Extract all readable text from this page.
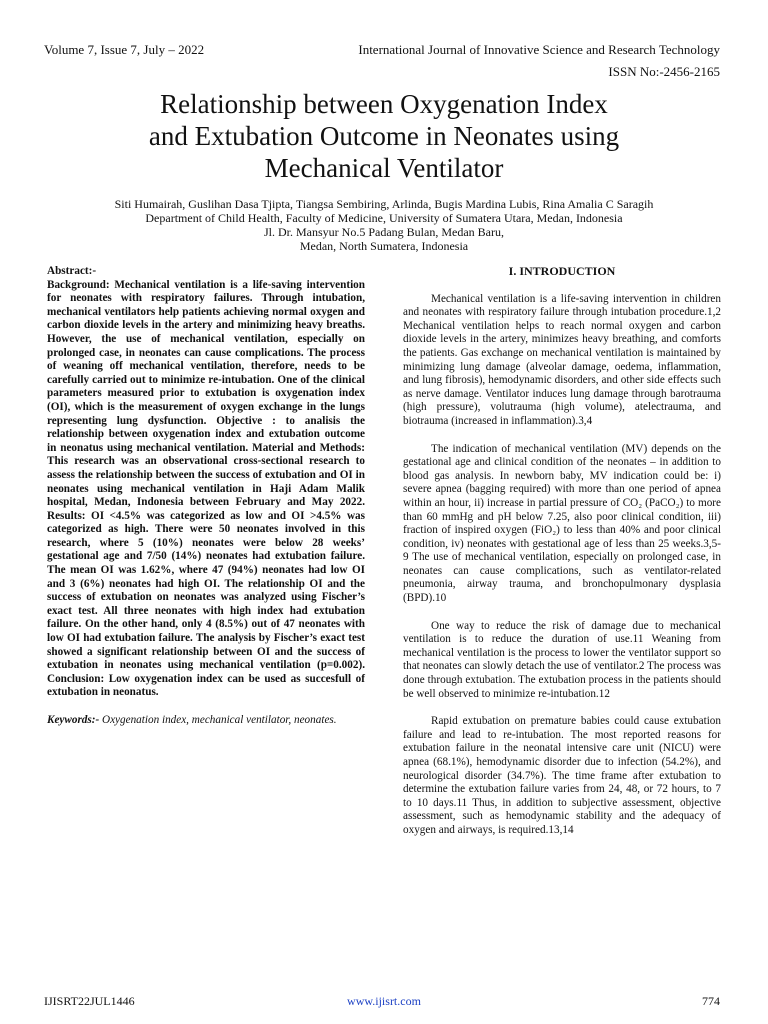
Volume 7, Issue 7, July – 2022	International Journal of Innovative Science and Research Technology
ISSN No:-2456-2165
Relationship between Oxygenation Index
and Extubation Outcome in Neonates using
Mechanical Ventilator
Siti Humairah, Guslihan Dasa Tjipta, Tiangsa Sembiring, Arlinda, Bugis Mardina Lubis, Rina Amalia C Saragih
Department of Child Health, Faculty of Medicine, University of Sumatera Utara, Medan, Indonesia
Jl. Dr. Mansyur No.5 Padang Bulan, Medan Baru,
Medan, North Sumatera, Indonesia
Abstract:-
Background: Mechanical ventilation is a life-saving intervention for neonates with respiratory failures. Through intubation, mechanical ventilators help patients achieving normal oxygen and carbon dioxide levels in the artery and minimizing heavy breaths. However, the use of mechanical ventilation, especially on prolonged case, in neonates can cause complications. The process of weaning off mechanical ventilation, therefore, needs to be carefully carried out to minimize re-intubation. One of the clinical parameters measured prior to extubation is oxygenation index (OI), which is the measurement of oxygen exchange in the lungs representing lung dysfunction. Objective : to analisis the relationship between oxygenation index and extubation outcome in neonatus using mechanical ventilation. Material and Methods: This research was an observational cross-sectional research to assess the relationship between the success of extubation and OI in neonates using mechanical ventilation in Haji Adam Malik hospital, Medan, Indonesia between February and May 2022. Results: OI <4.5% was categorized as low and OI >4.5% was categorized as high. There were 50 neonates involved in this research, where 5 (10%) neonates were below 28 weeks’ gestational age and 7/50 (14%) neonates had extubation failure. The mean OI was 1.62%, where 47 (94%) neonates had low OI and 3 (6%) neonates had high OI. The relationship OI and the success of extubation on neonates was analyzed using Fischer’s exact test. All three neonates with high index had extubation failure. On the other hand, only 4 (8.5%) out of 47 neonates with low OI had extubation failure. The analysis by Fischer’s exact test showed a significant relationship between OI and the success of extubation in neonates using mechanical ventilation (p=0.002). Conclusion: Low oxygenation index can be used as succesfull of extubation in neonatus.
Keywords:- Oxygenation index, mechanical ventilator, neonates.
I. INTRODUCTION

Mechanical ventilation is a life-saving intervention in children and neonates with respiratory failure through intubation procedure.1,2 Mechanical ventilation helps to reach normal oxygen and carbon dioxide levels in the artery, minimizes heavy breathing, and comforts the patients. Gas exchange on mechanical ventilation is maintained by minimizing lung damage (alveolar damage, oedema, inflammation, and lung fibrosis), hemodynamic disorders, and other side effects such as nerve damage. Ventilator induces lung damage through barotrauma (high pressure), volutrauma (high volume), atelectrauma, and biotrauma (increased in inflammation).3,4

The indication of mechanical ventilation (MV) depends on the gestational age and clinical condition of the neonates – in addition to blood gas analysis. In newborn baby, MV indication could be: i) severe apnea (bagging required) with more than one period of apnea within an hour, ii) increase in partial pressure of CO₂ (PaCO₂) to more than 60 mmHg and pH below 7.25, also poor clinical condition, iii) fraction of inspired oxygen (FiO₂) to less than 40% and poor clinical condition, iv) neonates with gestational age of less than 25 weeks.3,5-9 The use of mechanical ventilation, especially on prolonged case, in neonates can cause complications, such as ventilator-related pneumonia, airway trauma, and bronchopulmonary dysplasia (BPD).10

One way to reduce the risk of damage due to mechanical ventilation is to reduce the duration of use.11 Weaning from mechanical ventilation is the process to lower the ventilator support so that neonates can slowly detach the use of ventilator.2 The process was done through extubation. The extubation process in the patients should be well observed to minimize re-intubation.12

Rapid extubation on premature babies could cause extubation failure and lead to re-intubation. The most reported reasons for extubation failure in the neonatal intensive care unit (NICU) were apnea (68.1%), hemodynamic disorder due to infection (54.2%), and neurological disorder (34.7%). The time frame after extubation to determine the extubation failure varies from 24, 48, or 72 hours, to 7 to 10 days.11 Thus, in addition to subjective assessment, objective assessment, such as hemodynamic stability and the adequacy of oxygen and airways, is required.13,14

IJISRT22JUL1446	www.ijisrt.com	774
